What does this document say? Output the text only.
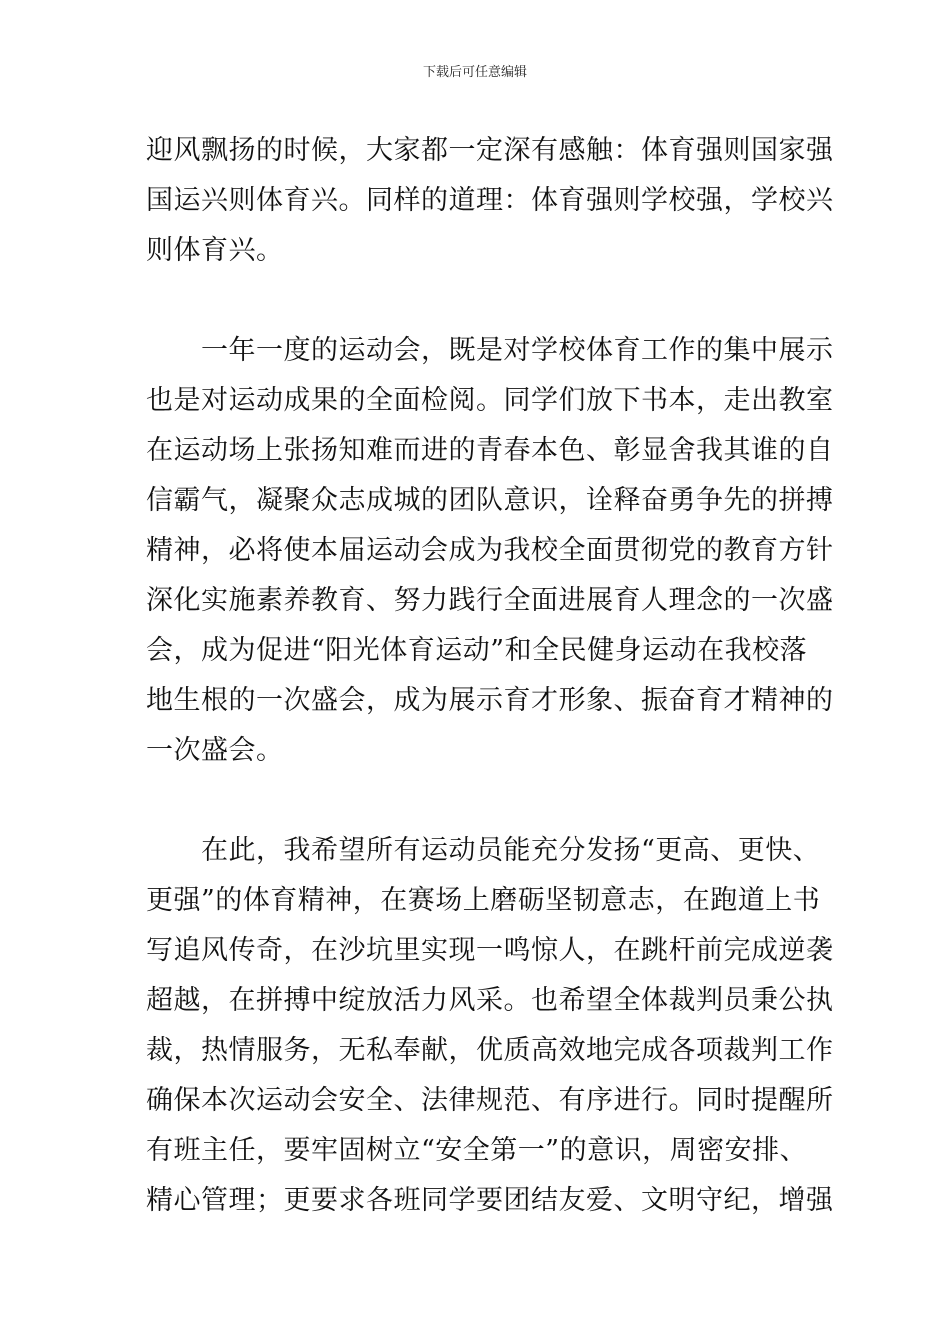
下载后可任意编辑
迎风飘扬的时候，大家都一定深有感触：体育强则国家强
国运兴则体育兴。同样的道理：体育强则学校强，学校兴
则体育兴。
　　一年一度的运动会，既是对学校体育工作的集中展示
也是对运动成果的全面检阅。同学们放下书本，走出教室
在运动场上张扬知难而进的青春本色、彰显舍我其谁的自
信霸气，凝聚众志成城的团队意识，诠释奋勇争先的拼搏
精神，必将使本届运动会成为我校全面贯彻党的教育方针
深化实施素养教育、努力践行全面进展育人理念的一次盛
会，成为促进“阳光体育运动”和全民健身运动在我校落
地生根的一次盛会，成为展示育才形象、振奋育才精神的
一次盛会。
　　在此，我希望所有运动员能充分发扬“更高、更快、
更强”的体育精神，在赛场上磨砺坚韧意志，在跑道上书
写追风传奇，在沙坑里实现一鸣惊人，在跳杆前完成逆袭
超越，在拼搏中绽放活力风采。也希望全体裁判员秉公执
裁，热情服务，无私奉献，优质高效地完成各项裁判工作
确保本次运动会安全、法律规范、有序进行。同时提醒所
有班主任，要牢固树立“安全第一”的意识，周密安排、
精心管理；更要求各班同学要团结友爱、文明守纪，增强
